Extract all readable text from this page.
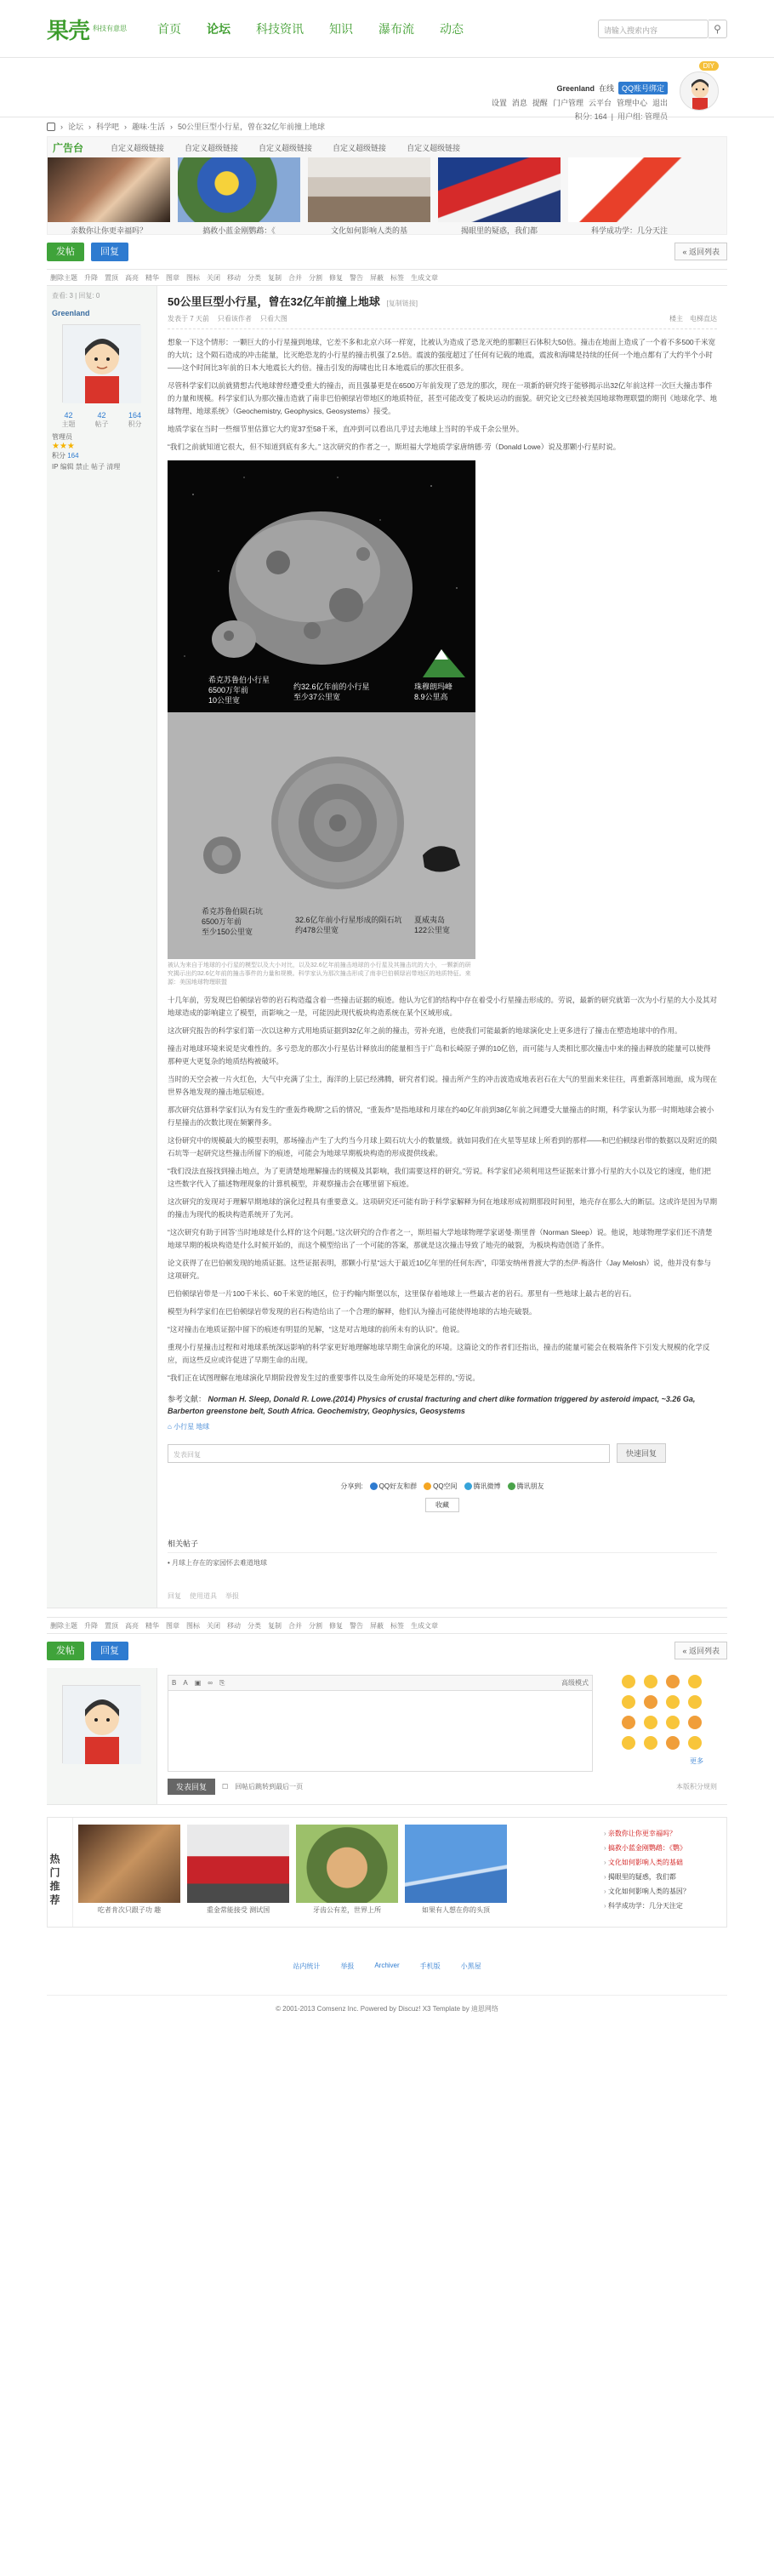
果壳 科技有意思	首页 论坛 科技资讯 知识 瀑布流 动态	请输入搜索内容	⚲
DIY
Greenland 在线	QQ账号绑定
设置 消息 提醒 门户管理 云平台 管理中心 退出
积分: 164  |  用户组: 管理员
› 论坛 › 科学吧 › 趣味·生活 › 50公里巨型小行星，曾在32亿年前撞上地球
广告台	自定义超级链接	自定义超级链接	自定义超级链接	自定义超级链接	自定义超级链接
亲数你让你更幸福吗？	搞救小蓝金刚鹦鹉：《	文化如何影响人类的基	揭眼里的疑惑，我们都	科学成功学：几分天注
发帖	回复	« 返回列表
删除主题 升降 置顶 高亮 精华 图章 图标 关闭 移动 分类 复制 合并 分割 修复 警告 屏蔽 标签 生成文章
查看: 3 | 回复: 0
Greenland
42
主题
42
帖子
164
积分
管理员
★★★
积分 164
IP 编辑 禁止 帖子 清理
50公里巨型小行星，曾在32亿年前撞上地球 [复制链接]
发表于 7 天前 只看该作者 只看大图	楼主 电梯直达

想象一下这个情形：一颗巨大的小行星撞到地球，它差不多和北京六环一样宽，比被认为造成了恐龙灭绝的那颗巨石体积大50倍。撞击在地面上造成了一个着不多500千米宽的大坑；这个陨石造成的冲击能量，比灭绝恐龙的小行星的撞击机强了2.5倍。震波的强度超过了任何有记载的地震，震波和海啸是持续的任何一个地点都有了大约半个小时——这个时间比3年前的日本大地震长大约倍。撞击引发的海啸也比日本地震后的那次狂很多。

尽管科学家们以前就猜想古代地球曾经遭受重大的撞击，而且强暴更是在6500万年前发现了恐龙的那次，现在一项新的研究终于能够揭示出32亿年前这样一次巨大撞击事件的力量和规模。科学家们认为那次撞击造就了南非巴伯顿绿岩带地区的地质特征，甚至可能改变了板块运动的面貌。研究论文已经被美国地球物理联盟的期刊《地球化学、地球物理、地球系统》（Geochemistry, Geophysics, Geosystems）接受。

地质学家在当时一些细节里估算它大约宽37至58千米，直冲到可以看出几乎过去地球上当时的半成千余公里外。

“我们之前就知道它很大，但不知道到底有多大。” 这次研究的作者之一，斯坦福大学地质学家唐纳德·劳（Donald Lowe）说及那颗小行星时说。

希克苏鲁伯小行星
6500万年前
10公里宽
约32.6亿年前的小行星
至少37公里宽
珠穆朗玛峰
8.9公里高
希克苏鲁伯陨石坑
6500万年前
至少150公里宽
32.6亿年前小行星形成的陨石坑
约478公里宽
夏威夷岛
122公里宽
被认为来自于地球的小行星的模型以及大小对比，以及32.6亿年前撞击地球的小行星及其撞击坑的大小，一颗新的研究揭示出约32.6亿年前的撞击事件的力量和规模。科学家认为那次撞击形成了南非巴伯顿绿岩带地区的地质特征。来源：美国地球物理联盟

十几年前，劳发现巴伯顿绿岩带的岩石构造蕴含着一些撞击证据的痕迹。他认为它们的结构中存在着受小行星撞击形成的。劳说，最新的研究就第一次为小行星的大小及其对地球造成的影响建立了模型，而影响之一是，可能因此现代板块构造系统在某个区域形成。

这次研究报告的科学家们第一次以这种方式用地质证据到32亿年之前的撞击，劳补充道，也使我们可能最新的地球演化史上更多进行了撞击在塑造地球中的作用。

撞击对地球环境来说是灾难性的。多亏恐龙的那次小行星估计释放出的能量相当于广岛和长崎原子弹的10亿倍，而可能与人类相比那次撞击中来的撞击释放的能量可以使得那种更大更复杂的地质结构被破坏。

当时的天空会被一片火红色，大气中充满了尘土，海洋的上层已经沸腾，研究者们说。撞击所产生的冲击波造成地表岩石在大气的里面来来往往，再重新落回地面，成为现在世界各地发现的撞击地层痕迹。

那次研究估算科学家们认为有发生的“重轰炸晚期”之后的情况，“重轰炸”是指地球和月球在约40亿年前到38亿年前之间遭受大量撞击的时期，科学家认为那一时期地球会被小行星撞击的次数比现在频繁得多。

这份研究中的规模最大的模型表明，那场撞击产生了大约当今月球上陨石坑大小的数量级。就如同我们在火星等星球上所看到的那样——和巴伯顿绿岩带的数据以及附近的陨石坑等一起研究这些撞击所留下的痕迹，可能会为地球早期板块构造的形成提供线索。

“我们没法直接找到撞击地点，为了更清楚地理解撞击的规模及其影响，我们需要这样的研究。”劳说。科学家们必须利用这些证据来计算小行星的大小以及它的速度，他们把这些数字代入了描述物理现象的计算机模型，并观察撞击会在哪里留下痕迹。

这次研究的发现对于理解早期地球的演化过程具有重要意义。这项研究还可能有助于科学家解释为何在地球形成初期那段时间里，地壳存在那么大的断层。这或许是因为早期的撞击为现代的板块构造系统开了先河。

“这次研究有助于回答‘当时地球是什么样的’这个问题。”这次研究的合作者之一，斯坦福大学地球物理学家诺曼·斯里普（Norman Sleep）说。他说，地球物理学家们还不清楚地球早期的板块构造是什么时候开始的，而这个模型给出了一个可能的答案，那就是这次撞击导致了地壳的破裂，为板块构造创造了条件。

论文获得了在巴伯顿发现的地质证据。这些证据表明，那颗小行星“远大于最近10亿年里的任何东西”，印第安纳州普渡大学的杰伊·梅洛什（Jay Melosh）说，他并没有参与这项研究。

巴伯顿绿岩带是一片100千米长、60千米宽的地区，位于约翰内斯堡以东，这里保存着地球上一些最古老的岩石。那里有一些地球上最古老的岩石。

模型为科学家们在巴伯顿绿岩带发现的岩石构造给出了一个合理的解释，他们认为撞击可能使得地球的古地壳破裂。

“这对撞击在地质证据中留下的痕迹有明显的见解，“这是对古地球的前所未有的认识”。他说。

重现小行星撞击过程和对地球系统深远影响的科学家更好地理解地球早期生命演化的环境。这篇论文的作者们还指出，撞击的能量可能会在极端条件下引发大规模的化学反应，而这些反应或许促进了早期生命的出现。

“我们正在试图理解在地球演化早期阶段曾发生过的重要事件以及生命所处的环境是怎样的。”劳说。

参考文献： Norman H. Sleep, Donald R. Lowe.(2014) Physics of crustal fracturing and chert dike formation triggered by asteroid impact, ~3.26 Ga, Barberton greenstone belt, South Africa. Geochemistry, Geophysics, Geosystems
⌂ 小行星 地球
发表回复	快速回复
分享到:	QQ好友和群	QQ空间	腾讯微博	腾讯朋友
收藏
相关帖子
• 月球上存在的家园怀去难道地球
回复 使用道具 举报
删除主题 升降 置顶 高亮 精华 图章 图标 关闭 移动 分类 复制 合并 分割 修复 警告 屏蔽 标签 生成文章
发帖	回复	« 返回列表
B A ▣ ∞ ⎘	高级模式
更多
发表回复	☐ 回帖后跳转到最后一页	本版积分规则
热门推荐
吃者肯次只跟子功 趣	重金常能接受 测试国	牙齿公有差，世界上所	如果有人想在你的头顶
› 亲数你让你更幸福吗？
› 搞救小蓝金刚鹦鹉：《鹦》
› 文化如何影响人类的基础
› 揭眼里的疑惑，我们都
› 文化如何影响人类的基因？
› 科学成功学：几分天注定
站内统计	举报	Archiver	手机版	小黑屋
© 2001-2013 Comsenz Inc. Powered by Discuz! X3 Template by 迪恩网络
